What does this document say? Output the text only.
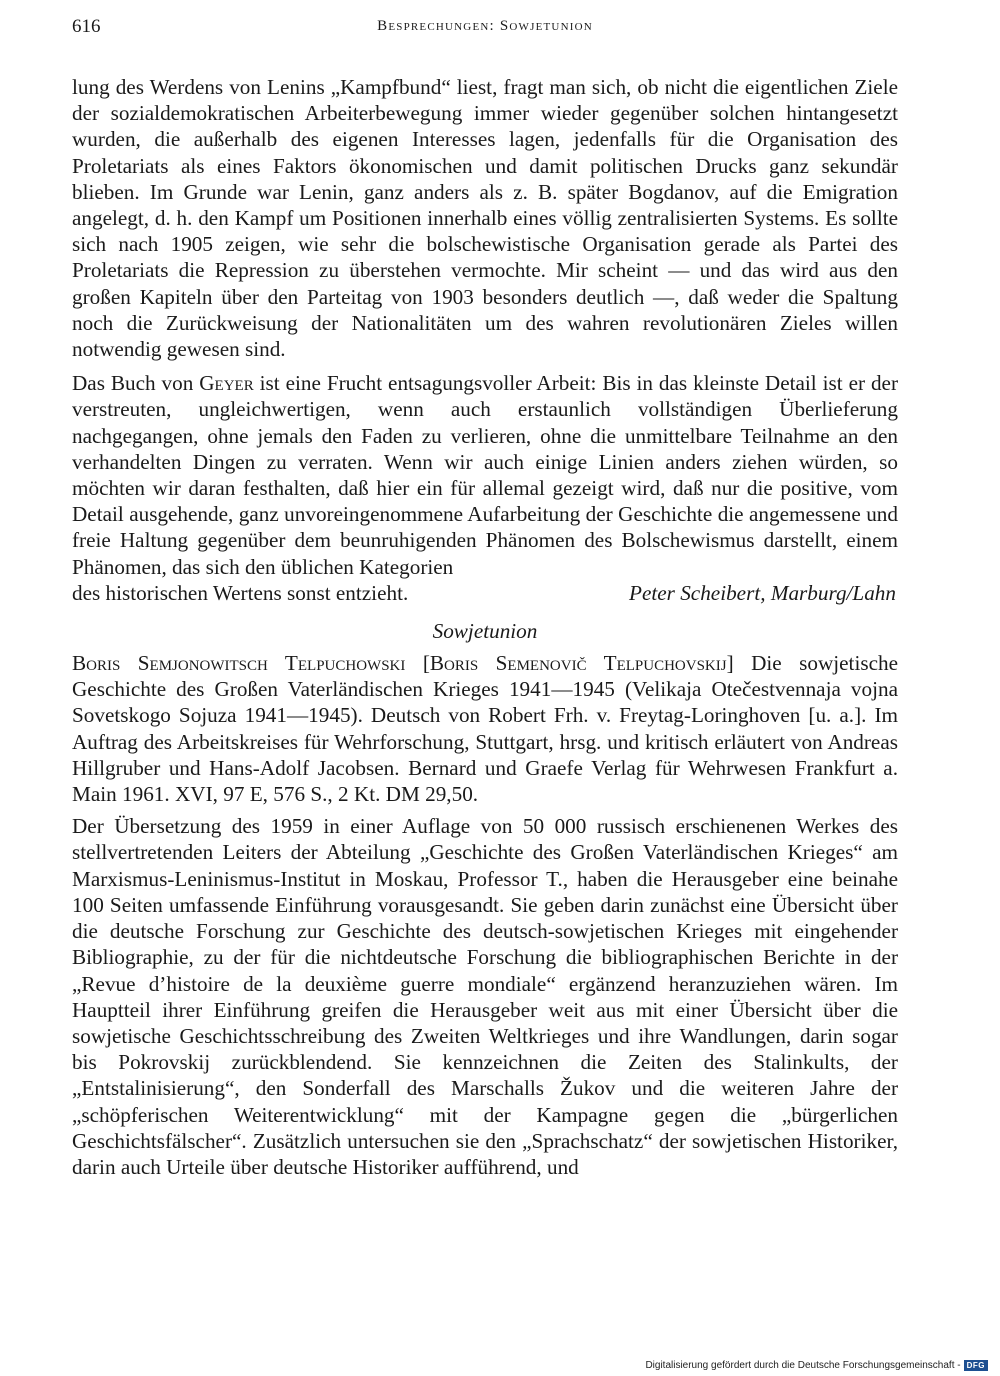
616	Besprechungen: Sowjetunion

lung des Werdens von Lenins „Kampfbund“ liest, fragt man sich, ob nicht die eigentlichen Ziele der sozialdemokratischen Arbeiterbewegung immer wieder gegenüber solchen hintangesetzt wurden, die außerhalb des eigenen Interesses lagen, jedenfalls für die Organisation des Proletariats als eines Faktors ökonomischen und damit politischen Drucks ganz sekundär blieben. Im Grunde war Lenin, ganz anders als z. B. später Bogdanov, auf die Emigration angelegt, d. h. den Kampf um Positionen innerhalb eines völlig zentralisierten Systems. Es sollte sich nach 1905 zeigen, wie sehr die bolschewistische Organisation gerade als Partei des Proletariats die Repression zu überstehen vermochte. Mir scheint — und das wird aus den großen Kapiteln über den Parteitag von 1903 besonders deutlich —, daß weder die Spaltung noch die Zurückweisung der Nationalitäten um des wahren revolutionären Zieles willen notwendig gewesen sind.

Das Buch von Geyer ist eine Frucht entsagungsvoller Arbeit: Bis in das kleinste Detail ist er der verstreuten, ungleichwertigen, wenn auch erstaunlich vollständigen Überlieferung nachgegangen, ohne jemals den Faden zu verlieren, ohne die unmittelbare Teilnahme an den verhandelten Dingen zu verraten. Wenn wir auch einige Linien anders ziehen würden, so möchten wir daran festhalten, daß hier ein für allemal gezeigt wird, daß nur die positive, vom Detail ausgehende, ganz unvoreingenommene Aufarbeitung der Geschichte die angemessene und freie Haltung gegenüber dem beunruhigenden Phänomen des Bolschewismus darstellt, einem Phänomen, das sich den üblichen Kategorien

des historischen Wertens sonst entzieht.	Peter Scheibert, Marburg/Lahn
Sowjetunion

Boris Semjonowitsch Telpuchowski [Boris Semenovič Telpuchovskij] Die sowjetische Geschichte des Großen Vaterländischen Krieges 1941—1945 (Velikaja Otečestvennaja vojna Sovetskogo Sojuza 1941—1945). Deutsch von Robert Frh. v. Freytag-Loringhoven [u. a.]. Im Auftrag des Arbeitskreises für Wehrforschung, Stuttgart, hrsg. und kritisch erläutert von Andreas Hillgruber und Hans-Adolf Jacobsen. Bernard und Graefe Verlag für Wehrwesen Frankfurt a. Main 1961. XVI, 97 E, 576 S., 2 Kt. DM 29,50.

Der Übersetzung des 1959 in einer Auflage von 50 000 russisch erschienenen Werkes des stellvertretenden Leiters der Abteilung „Geschichte des Großen Vaterländischen Krieges“ am Marxismus-Leninismus-Institut in Moskau, Professor T., haben die Herausgeber eine beinahe 100 Seiten umfassende Einführung vorausgesandt. Sie geben darin zunächst eine Übersicht über die deutsche Forschung zur Geschichte des deutsch-sowjetischen Krieges mit eingehender Bibliographie, zu der für die nichtdeutsche Forschung die bibliographischen Berichte in der „Revue d’histoire de la deuxième guerre mondiale“ ergänzend heranzuziehen wären. Im Hauptteil ihrer Einführung greifen die Herausgeber weit aus mit einer Übersicht über die sowjetische Geschichtsschreibung des Zweiten Weltkrieges und ihre Wandlungen, darin sogar bis Pokrovskij zurückblendend. Sie kennzeichnen die Zeiten des Stalinkults, der „Entstalinisierung“, den Sonderfall des Marschalls Žukov und die weiteren Jahre der „schöpferischen Weiterentwicklung“ mit der Kampagne gegen die „bürgerlichen Geschichtsfälscher“. Zusätzlich untersuchen sie den „Sprachschatz“ der sowjetischen Historiker, darin auch Urteile über deutsche Historiker aufführend, und

Digitalisierung gefördert durch die Deutsche Forschungsgemeinschaft - DFG
